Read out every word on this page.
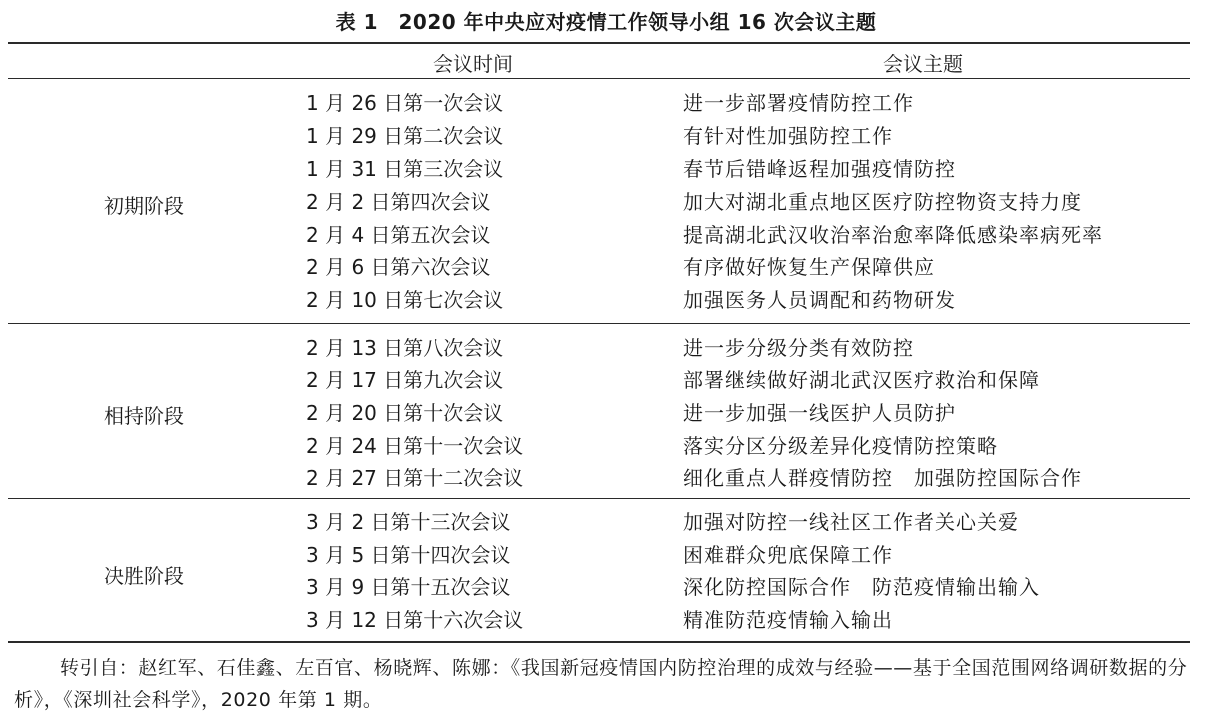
表 1　2020 年中央应对疫情工作领导小组 16 次会议主题
会议时间	会议主题
初期阶段
1 月 26 日第一次会议	进一步部署疫情防控工作
1 月 29 日第二次会议	有针对性加强防控工作
1 月 31 日第三次会议	春节后错峰返程加强疫情防控
2 月 2 日第四次会议	加大对湖北重点地区医疗防控物资支持力度
2 月 4 日第五次会议	提高湖北武汉收治率治愈率降低感染率病死率
2 月 6 日第六次会议	有序做好恢复生产保障供应
2 月 10 日第七次会议	加强医务人员调配和药物研发
相持阶段
2 月 13 日第八次会议	进一步分级分类有效防控
2 月 17 日第九次会议	部署继续做好湖北武汉医疗救治和保障
2 月 20 日第十次会议	进一步加强一线医护人员防护
2 月 24 日第十一次会议	落实分区分级差异化疫情防控策略
2 月 27 日第十二次会议	细化重点人群疫情防控　加强防控国际合作
决胜阶段
3 月 2 日第十三次会议	加强对防控一线社区工作者关心关爱
3 月 5 日第十四次会议	困难群众兜底保障工作
3 月 9 日第十五次会议	深化防控国际合作　防范疫情输出输入
3 月 12 日第十六次会议	精准防范疫情输入输出
转引自：赵红军、石佳鑫、左百官、杨晓辉、陈娜：《我国新冠疫情国内防控治理的成效与经验——基于全国范围网络调研数据的分析》，《深圳社会科学》，2020 年第 1 期。
